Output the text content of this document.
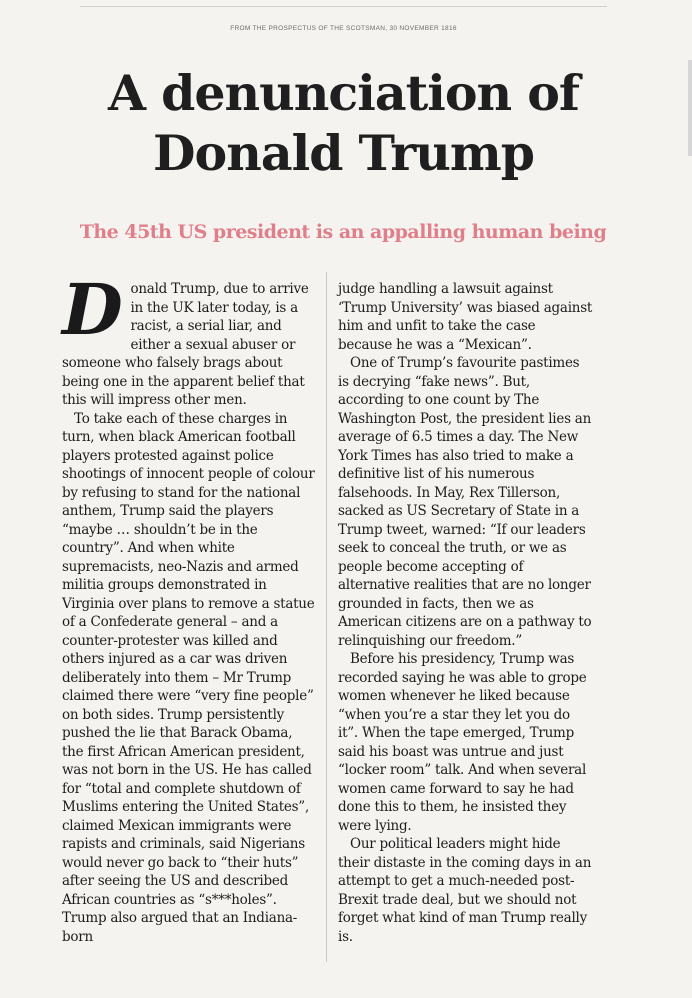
FROM THE PROSPECTUS OF THE SCOTSMAN, 30 NOVEMBER 1816
A denunciation of Donald Trump
The 45th US president is an appalling human being

Donald Trump, due to arrive in the UK later today, is a racist, a serial liar, and either a sexual abuser or someone who falsely brags about being one in the apparent belief that this will impress other men.

To take each of these charges in turn, when black American football players protested against police shootings of innocent people of colour by refusing to stand for the national anthem, Trump said the players “maybe … shouldn’t be in the country”. And when white supremacists, neo-Nazis and armed militia groups demonstrated in Virginia over plans to remove a statue of a Confederate general – and a counter-protester was killed and others injured as a car was driven deliberately into them – Mr Trump claimed there were “very fine people” on both sides. Trump persistently pushed the lie that Barack Obama, the first African American president, was not born in the US. He has called for “total and complete shutdown of Muslims entering the United States”, claimed Mexican immigrants were rapists and criminals, said Nigerians would never go back to “their huts” after seeing the US and described African countries as “s***holes”. Trump also argued that an Indiana-born

judge handling a lawsuit against ‘Trump University’ was biased against him and unfit to take the case because he was a “Mexican”.

One of Trump’s favourite pastimes is decrying “fake news”. But, according to one count by The Washington Post, the president lies an average of 6.5 times a day. The New York Times has also tried to make a definitive list of his numerous falsehoods. In May, Rex Tillerson, sacked as US Secretary of State in a Trump tweet, warned: “If our leaders seek to conceal the truth, or we as people become accepting of alternative realities that are no longer grounded in facts, then we as American citizens are on a pathway to relinquishing our freedom.”

Before his presidency, Trump was recorded saying he was able to grope women whenever he liked because “when you’re a star they let you do it”. When the tape emerged, Trump said his boast was untrue and just “locker room” talk. And when several women came forward to say he had done this to them, he insisted they were lying.

Our political leaders might hide their distaste in the coming days in an attempt to get a much-needed post-Brexit trade deal, but we should not forget what kind of man Trump really is.
